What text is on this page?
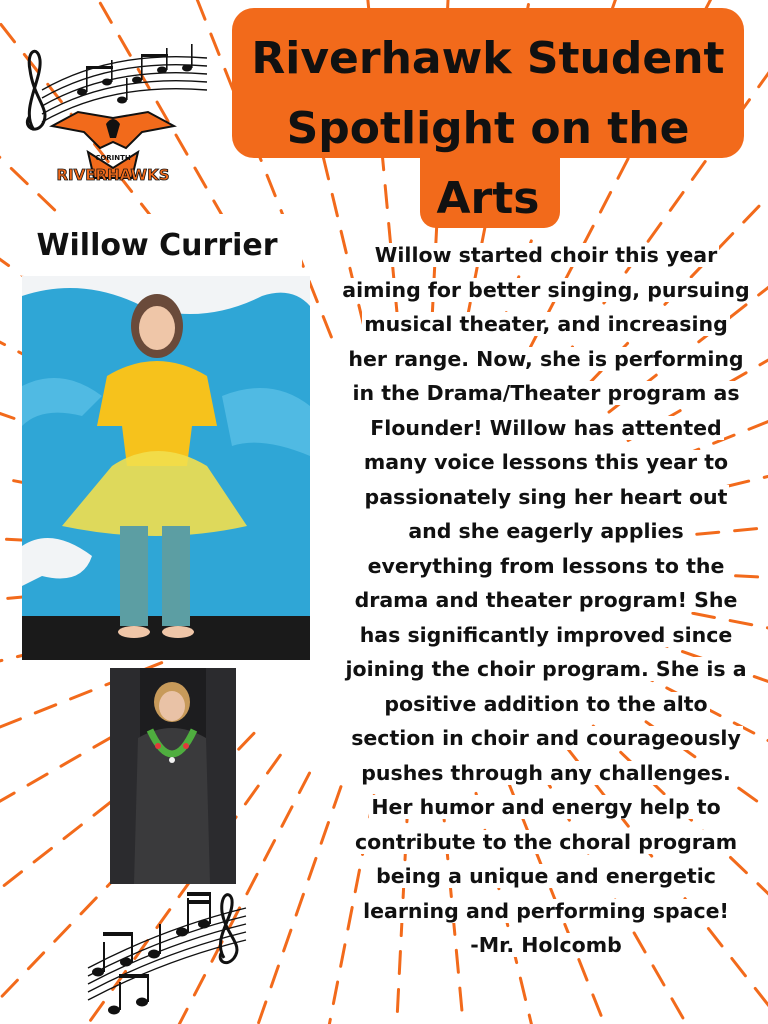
Riverhawk Student Spotlight on the Arts
CORINTH
RIVERHAWKS
Willow Currier	Willow started choir this year
aiming for better singing, pursuing
musical theater, and increasing
her range. Now, she is performing
in the Drama/Theater program as
Flounder! Willow has attented
many voice lessons this year to
passionately sing her heart out
and she eagerly applies
everything from lessons to the
drama and theater program! She
has significantly improved since
joining the choir program. She is a
positive addition to the alto
section in choir and courageously
pushes through any challenges.
Her humor and energy help to
contribute to the choral program
being a unique and energetic
learning and performing space!
-Mr. Holcomb
